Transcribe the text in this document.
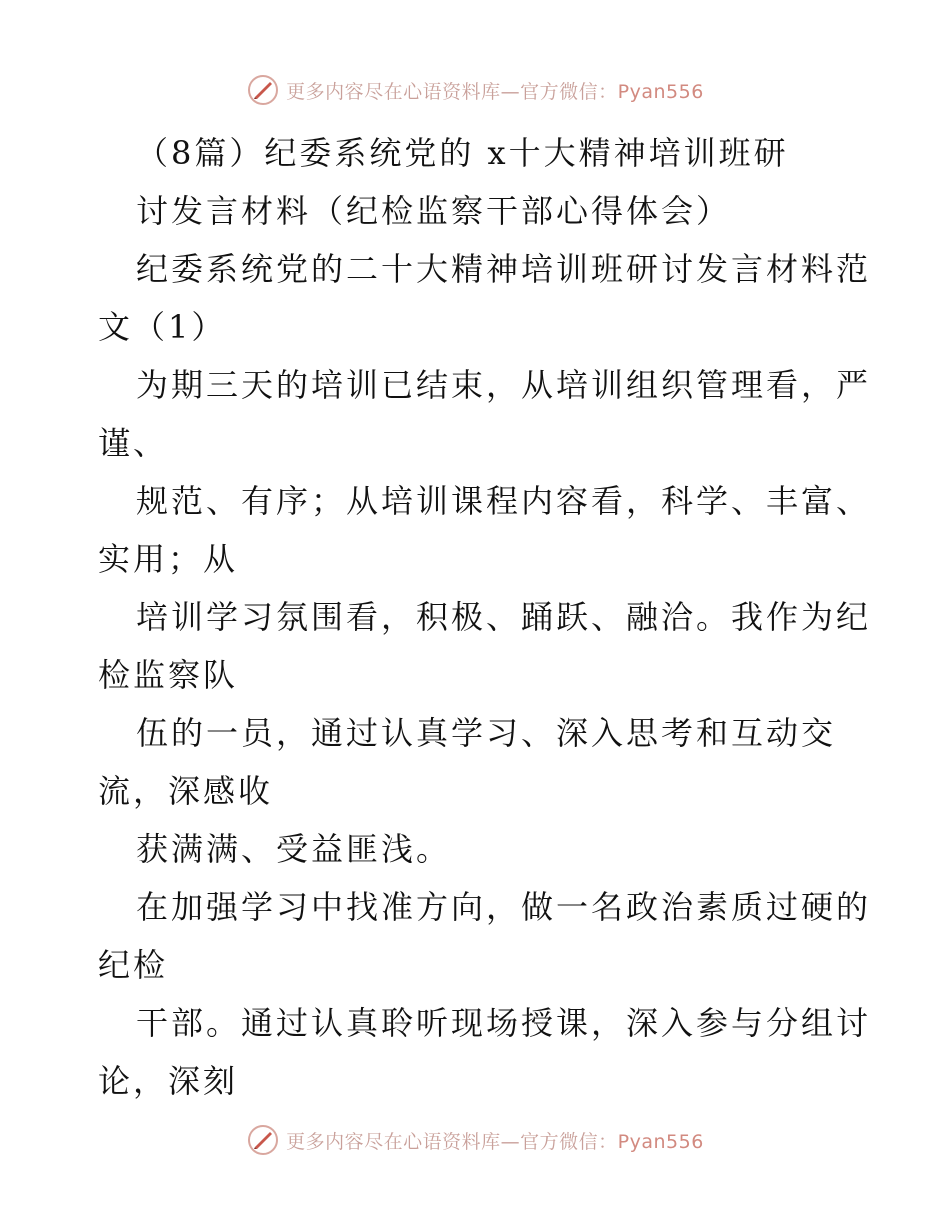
更多内容尽在心语资料库—官方微信：Pyan556
（8篇）纪委系统党的 x十大精神培训班研
讨发言材料（纪检监察干部心得体会）
纪委系统党的二十大精神培训班研讨发言材料范
文（1）
为期三天的培训已结束，从培训组织管理看，严
谨、
规范、有序；从培训课程内容看，科学、丰富、
实用；从
培训学习氛围看，积极、踊跃、融洽。我作为纪
检监察队
伍的一员，通过认真学习、深入思考和互动交
流，深感收
获满满、受益匪浅。
在加强学习中找准方向，做一名政治素质过硬的
纪检
干部。通过认真聆听现场授课，深入参与分组讨
论，深刻
更多内容尽在心语资料库—官方微信：Pyan556
